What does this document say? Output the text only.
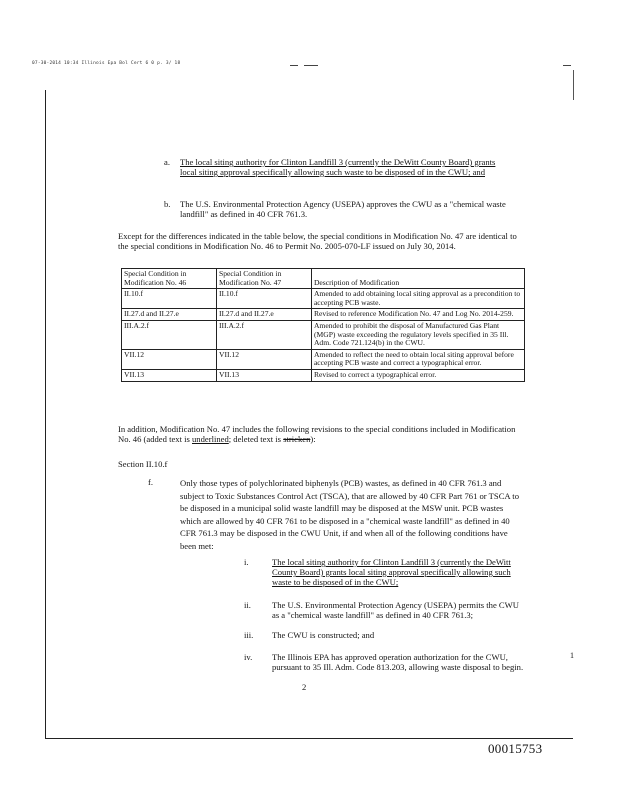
07-30-2014 10:34 Illinois Epa Bol Cert 6 0 p. 3/ 18
a. The local siting authority for Clinton Landfill 3 (currently the DeWitt County Board) grants local siting approval specifically allowing such waste to be disposed of in the CWU; and
b. The U.S. Environmental Protection Agency (USEPA) approves the CWU as a "chemical waste landfill" as defined in 40 CFR 761.3.
Except for the differences indicated in the table below, the special conditions in Modification No. 47 are identical to the special conditions in Modification No. 46 to Permit No. 2005-070-LF issued on July 30, 2014.
Special Condition in Modification No. 46	Special Condition in Modification No. 47	Description of Modification
II.10.f	II.10.f	Amended to add obtaining local siting approval as a precondition to accepting PCB waste.
II.27.d and II.27.e	II.27.d and II.27.e	Revised to reference Modification No. 47 and Log No. 2014-259.
III.A.2.f	III.A.2.f	Amended to prohibit the disposal of Manufactured Gas Plant (MGP) waste exceeding the regulatory levels specified in 35 Ill. Adm. Code 721.124(b) in the CWU.
VII.12	VII.12	Amended to reflect the need to obtain local siting approval before accepting PCB waste and correct a typographical error.
VII.13	VII.13	Revised to correct a typographical error.
In addition, Modification No. 47 includes the following revisions to the special conditions included in Modification No. 46 (added text is underlined; deleted text is stricken):
Section II.10.f
f.	Only those types of polychlorinated biphenyls (PCB) wastes, as defined in 40 CFR 761.3 and subject to Toxic Substances Control Act (TSCA), that are allowed by 40 CFR Part 761 or TSCA to be disposed in a municipal solid waste landfill may be disposed at the MSW unit. PCB wastes which are allowed by 40 CFR 761 to be disposed in a "chemical waste landfill" as defined in 40 CFR 761.3 may be disposed in the CWU Unit, if and when all of the following conditions have been met:
i.	The local siting authority for Clinton Landfill 3 (currently the DeWitt County Board) grants local siting approval specifically allowing such waste to be disposed of in the CWU;
ii. The U.S. Environmental Protection Agency (USEPA) permits the CWU as a "chemical waste landfill" as defined in 40 CFR 761.3;
iii. The CWU is constructed; and
iv. The Illinois EPA has approved operation authorization for the CWU, pursuant to 35 Ill. Adm. Code 813.203, allowing waste disposal to begin.
1
2
00015753
